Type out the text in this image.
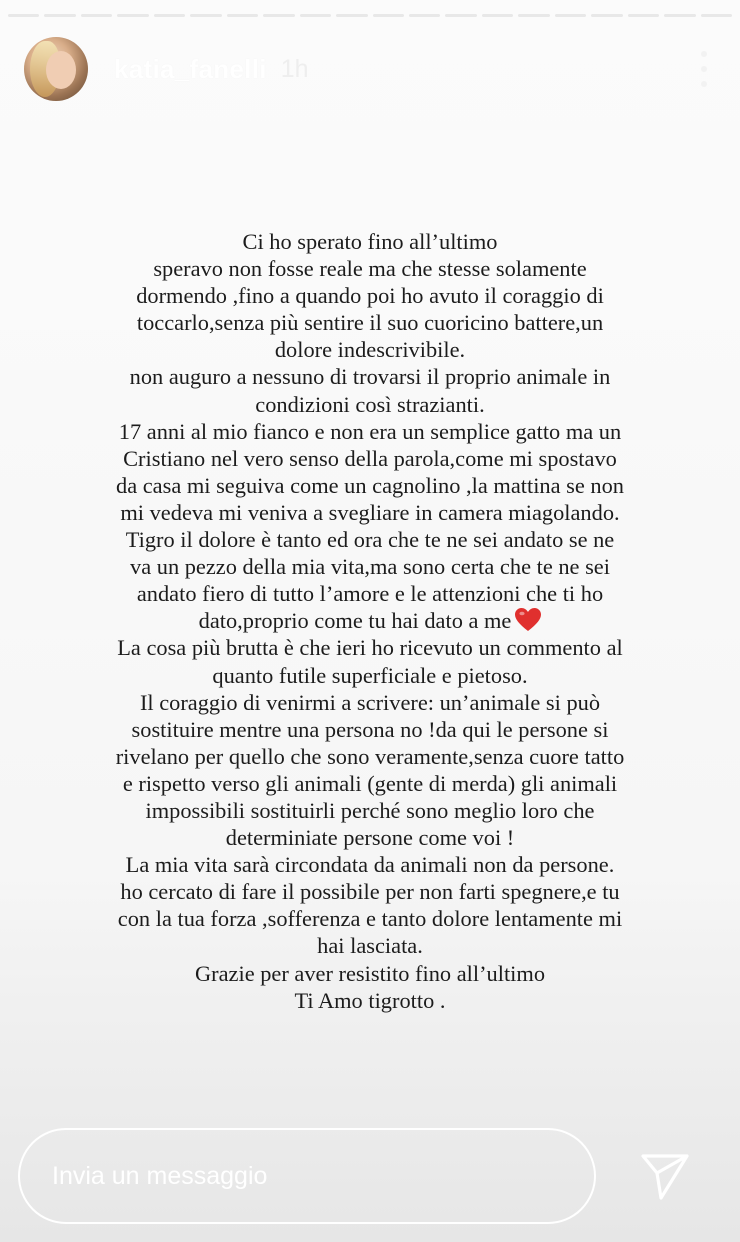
katia_fanelli 1h
Ci ho sperato fino all’ultimo
speravo non fosse reale ma che stesse solamente
dormendo ,fino a quando poi ho avuto il coraggio di
toccarlo,senza più sentire il suo cuoricino battere,un
dolore indescrivibile.
non auguro a nessuno di trovarsi il proprio animale in
condizioni così strazianti.
17 anni al mio fianco e non era un semplice gatto ma un
Cristiano nel vero senso della parola,come mi spostavo
da casa mi seguiva come un cagnolino ,la mattina se non
mi vedeva mi veniva a svegliare in camera miagolando.
Tigro il dolore è tanto ed ora che te ne sei andato se ne
va un pezzo della mia vita,ma sono certa che te ne sei
andato fiero di tutto l’amore e le attenzioni che ti ho
dato,proprio come tu hai dato a me
La cosa più brutta è che ieri ho ricevuto un commento al
quanto futile superficiale e pietoso.
Il coraggio di venirmi a scrivere: un’animale si può
sostituire mentre una persona no !da qui le persone si
rivelano per quello che sono veramente,senza cuore tatto
e rispetto verso gli animali (gente di merda) gli animali
impossibili sostituirli perché sono meglio loro che
determiniate persone come voi !
La mia vita sarà circondata da animali non da persone.
ho cercato di fare il possibile per non farti spegnere,e tu
con la tua forza ,sofferenza e tanto dolore lentamente mi
hai lasciata.
Grazie per aver resistito fino all’ultimo
Ti Amo tigrotto .
Invia un messaggio
